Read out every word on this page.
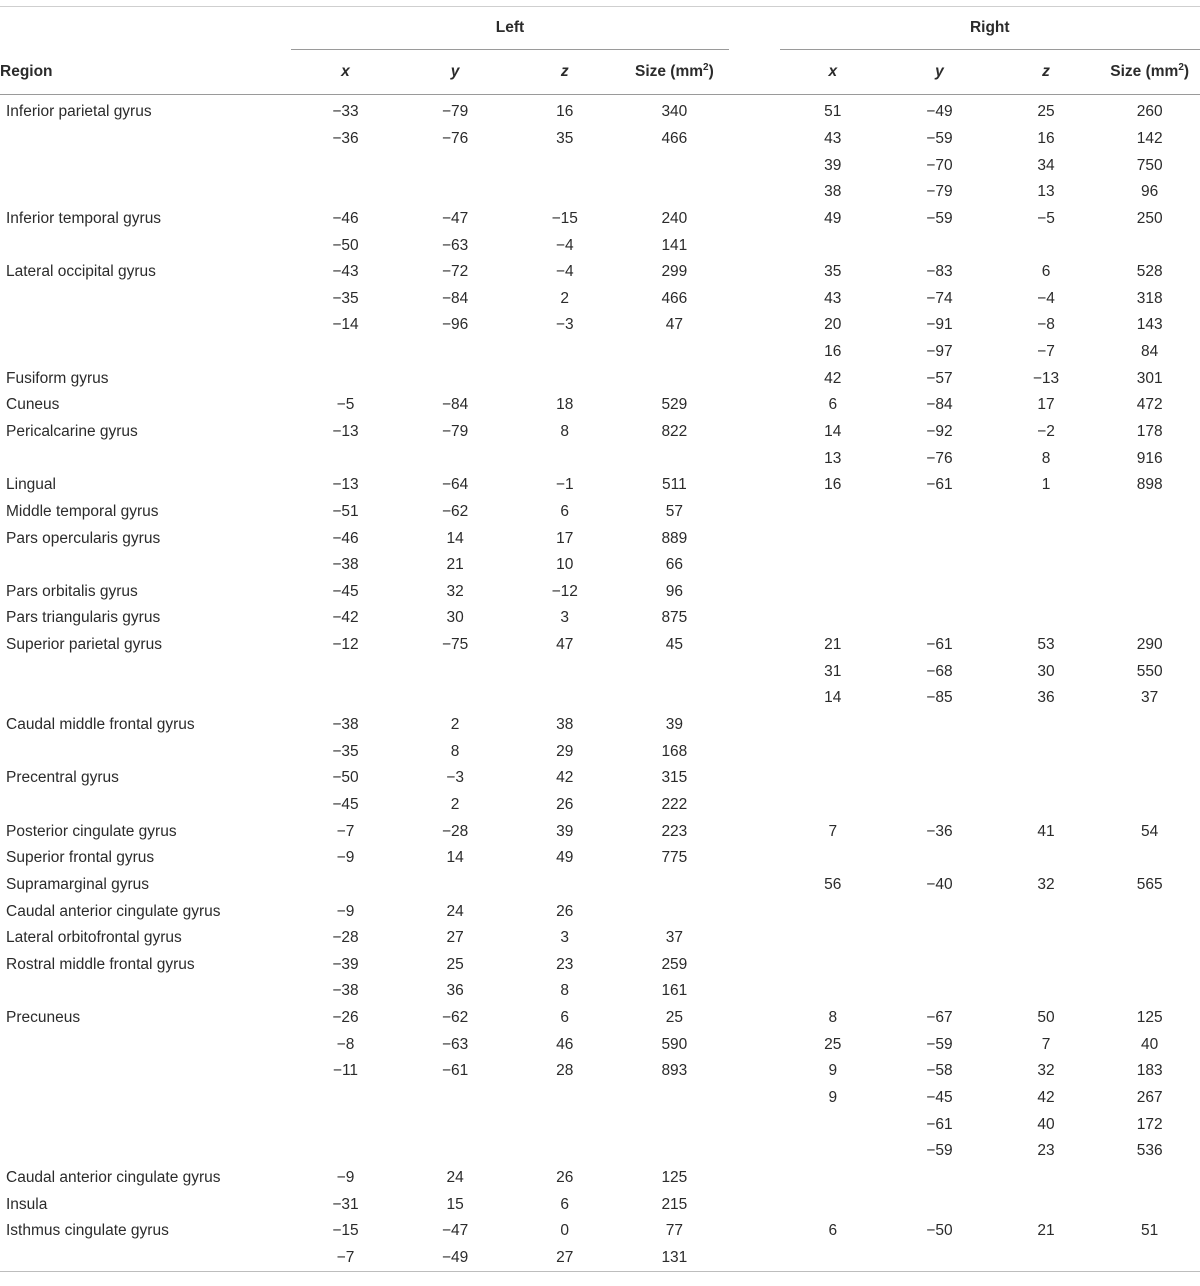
	Left					Right			
Region	x	y	z	Size $(mm^2)$		x	y	z	Size $(mm^2)$
Inferior parietal gyrus	−33	−79	16	340		51	−49	25	260
	−36	−76	35	466		43	−59	16	142
						39	−70	34	750
						38	−79	13	96
Inferior temporal gyrus	−46	−47	−15	240		49	−59	−5	250
	−50	−63	−4	141					
Lateral occipital gyrus	−43	−72	−4	299		35	−83	6	528
	−35	−84	2	466		43	−74	−4	318
	−14	−96	−3	47		20	−91	−8	143
						16	−97	−7	84
Fusiform gyrus						42	−57	−13	301
Cuneus	−5	−84	18	529		6	−84	17	472
Pericalcarine gyrus	−13	−79	8	822		14	−92	−2	178
						13	−76	8	916
Lingual	−13	−64	−1	511		16	−61	1	898
Middle temporal gyrus	−51	−62	6	57					
Pars opercularis gyrus	−46	14	17	889					
	−38	21	10	66					
Pars orbitalis gyrus	−45	32	−12	96					
Pars triangularis gyrus	−42	30	3	875					
Superior parietal gyrus	−12	−75	47	45		21	−61	53	290
						31	−68	30	550
						14	−85	36	37
Caudal middle frontal gyrus	−38	2	38	39					
	−35	8	29	168					
Precentral gyrus	−50	−3	42	315					
	−45	2	26	222					
Posterior cingulate gyrus	−7	−28	39	223		7	−36	41	54
Superior frontal gyrus	−9	14	49	775					
Supramarginal gyrus						56	−40	32	565
Caudal anterior cingulate gyrus	−9	24	26						
Lateral orbitofrontal gyrus	−28	27	3	37					
Rostral middle frontal gyrus	−39	25	23	259					
	−38	36	8	161					
Precuneus	−26	−62	6	25		8	−67	50	125
	−8	−63	46	590		25	−59	7	40
	−11	−61	28	893		9	−58	32	183
						9	−45	42	267
							−61	40	172
							−59	23	536
Caudal anterior cingulate gyrus	−9	24	26	125					
Insula	−31	15	6	215					
Isthmus cingulate gyrus	−15	−47	0	77		6	−50	21	51
	−7	−49	27	131					
